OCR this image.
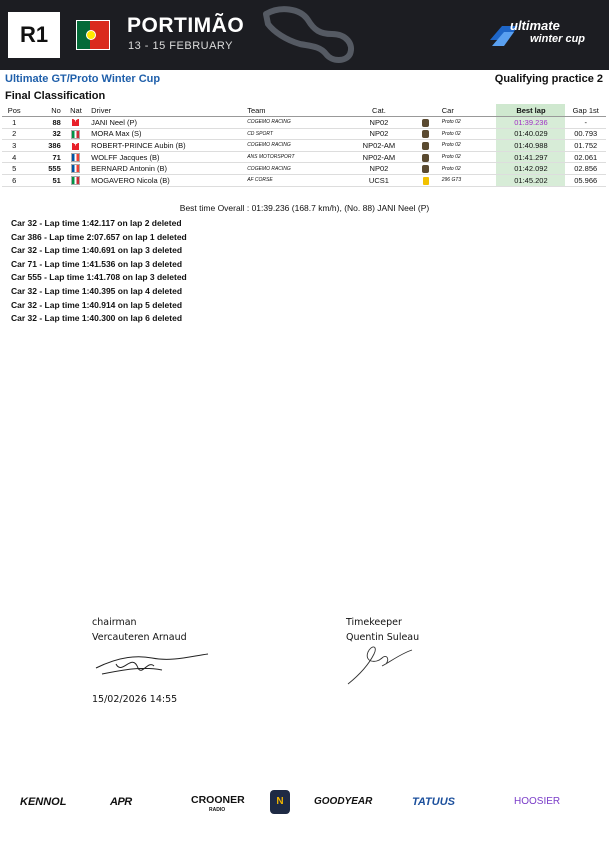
R1	PORTIMÃO
13 - 15 FEBRUARY
ultimate
winter cup
Ultimate GT/Proto Winter Cup	Qualifying practice 2
Final Classification
Pos	No	Nat	Driver	Team	Cat.		Car	Best lap	Gap 1st
1	88	+	JANI Neel (P)	COGEMO RACING	NP02		Proto 02	01:39.236	-
2	32		MORA Max (S)	CD SPORT	NP02		Proto 02	01:40.029	00.793
3	386	+	ROBERT-PRINCE Aubin (B)	COGEMO RACING	NP02-AM		Proto 02	01:40.988	01.752
4	71		WOLFF Jacques (B)	ANS MOTORSPORT	NP02-AM		Proto 02	01:41.297	02.061
5	555		BERNARD Antonin (B)	COGEMO RACING	NP02		Proto 02	01:42.092	02.856
6	51		MOGAVERO Nicola (B)	AF CORSE	UCS1		296 GT3	01:45.202	05.966
Best time Overall : 01:39.236 (168.7 km/h), (No. 88) JANI Neel (P)
Car 32 - Lap time 1:42.117 on lap 2 deleted
Car 386 - Lap time 2:07.657 on lap 1 deleted
Car 32 - Lap time 1:40.691 on lap 3 deleted
Car 71 - Lap time 1:41.536 on lap 3 deleted
Car 555 - Lap time 1:41.708 on lap 3 deleted
Car 32 - Lap time 1:40.395 on lap 4 deleted
Car 32 - Lap time 1:40.914 on lap 5 deleted
Car 32 - Lap time 1:40.300 on lap 6 deleted
chairman
Vercauteren Arnaud
Timekeeper
Quentin Suleau
15/02/2026 14:55
KENNOL	APR	CROONER
RADIO
N	GOODYEAR	TATUUS	HOOSIER
